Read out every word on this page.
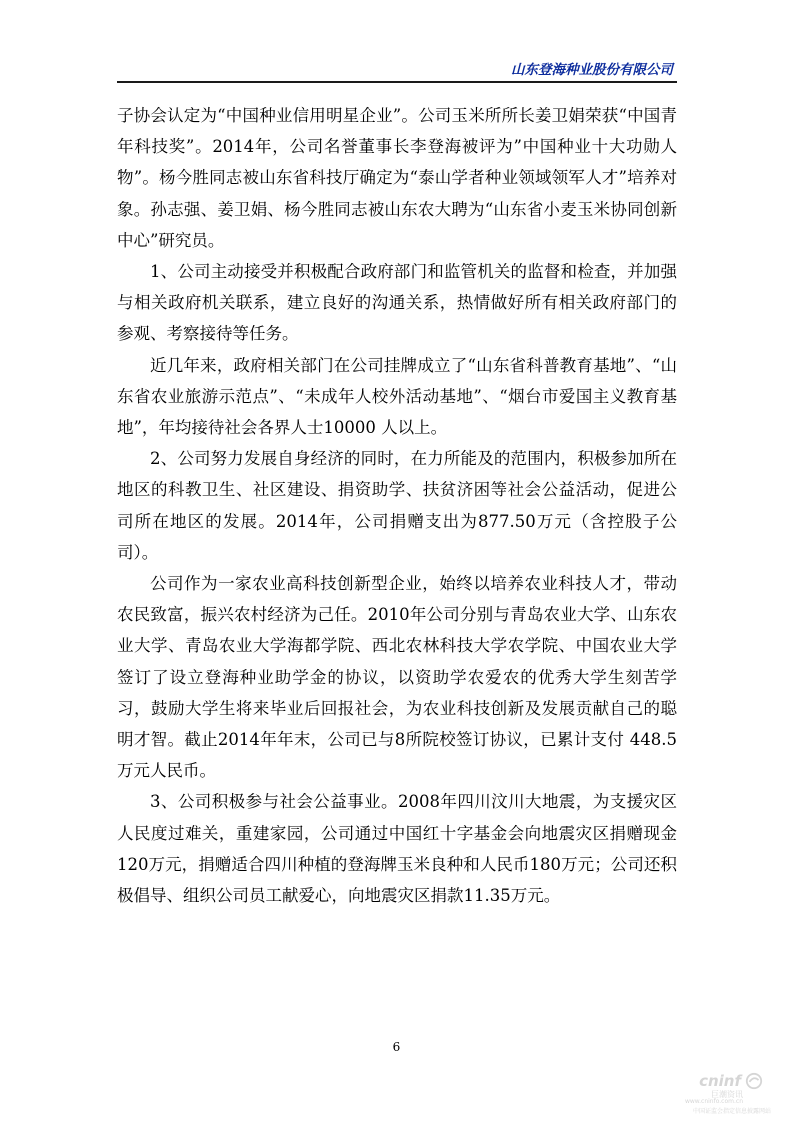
山东登海种业股份有限公司

子协会认定为“中国种业信用明星企业”。公司玉米所所长姜卫娟荣获“中国青年科技奖”。2014年，公司名誉董事长李登海被评为”中国种业十大功勋人物”。杨今胜同志被山东省科技厅确定为“泰山学者种业领域领军人才”培养对象。孙志强、姜卫娟、杨今胜同志被山东农大聘为“山东省小麦玉米协同创新中心”研究员。

1、公司主动接受并积极配合政府部门和监管机关的监督和检查，并加强与相关政府机关联系，建立良好的沟通关系，热情做好所有相关政府部门的参观、考察接待等任务。

近几年来，政府相关部门在公司挂牌成立了“山东省科普教育基地”、“山东省农业旅游示范点”、“未成年人校外活动基地”、“烟台市爱国主义教育基地”，年均接待社会各界人士10000 人以上。

2、公司努力发展自身经济的同时，在力所能及的范围内，积极参加所在地区的科教卫生、社区建设、捐资助学、扶贫济困等社会公益活动，促进公司所在地区的发展。2014年，公司捐赠支出为877.50万元（含控股子公司）。

公司作为一家农业高科技创新型企业，始终以培养农业科技人才，带动农民致富，振兴农村经济为己任。2010年公司分别与青岛农业大学、山东农业大学、青岛农业大学海都学院、西北农林科技大学农学院、中国农业大学签订了设立登海种业助学金的协议，以资助学农爱农的优秀大学生刻苦学习，鼓励大学生将来毕业后回报社会，为农业科技创新及发展贡献自己的聪明才智。截止2014年年末，公司已与8所院校签订协议，已累计支付 448.5万元人民币。

3、公司积极参与社会公益事业。2008年四川汶川大地震，为支援灾区人民度过难关，重建家园，公司通过中国红十字基金会向地震灾区捐赠现金120万元，捐赠适合四川种植的登海牌玉米良种和人民币180万元；公司还积极倡导、组织公司员工献爱心，向地震灾区捐款11.35万元。

6
cninf
巨潮资讯
www.cninfo.com.cn
中国证监会指定信息披露网站
